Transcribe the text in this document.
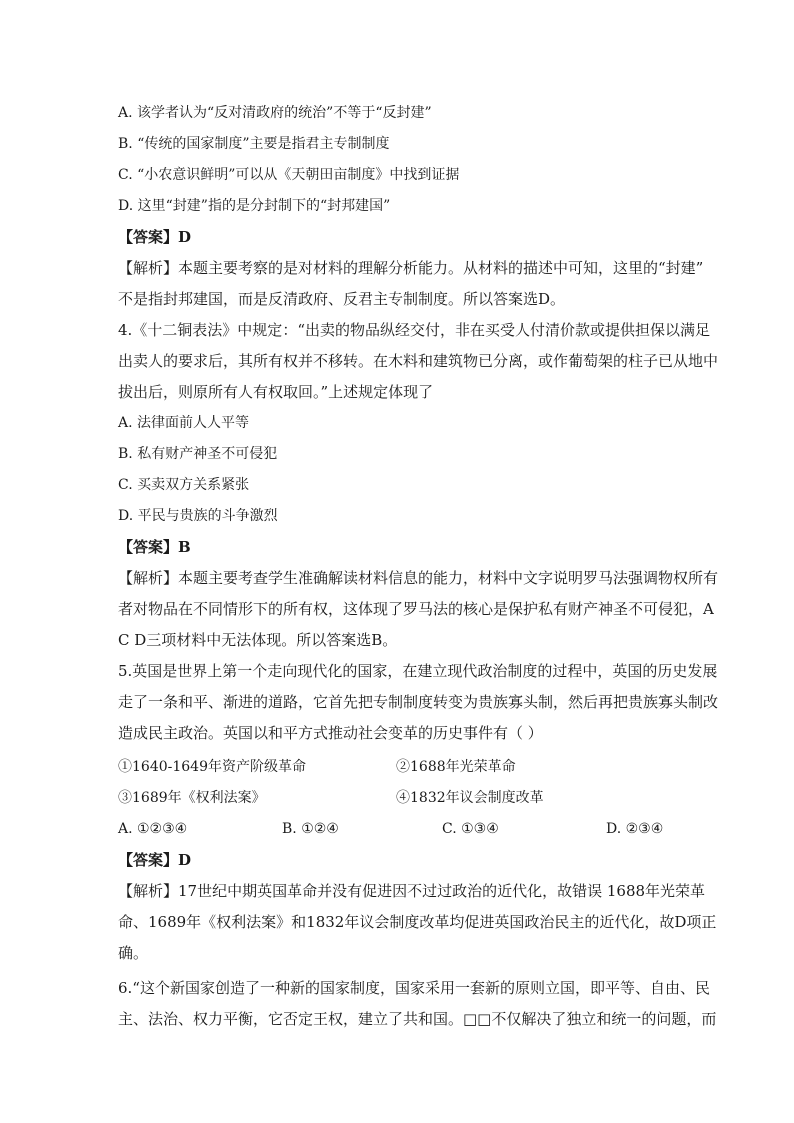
A. 该学者认为“反对清政府的统治”不等于“反封建”
B. “传统的国家制度”主要是指君主专制制度
C. “小农意识鲜明”可以从《天朝田亩制度》中找到证据
D. 这里“封建”指的是分封制下的“封邦建国”
【答案】D
【解析】本题主要考察的是对材料的理解分析能力。从材料的描述中可知，这里的“封建”
不是指封邦建国，而是反清政府、反君主专制制度。所以答案选D。
4.《十二铜表法》中规定：“出卖的物品纵经交付，非在买受人付清价款或提供担保以满足
出卖人的要求后，其所有权并不移转。在木料和建筑物已分离，或作葡萄架的柱子已从地中
拔出后，则原所有人有权取回。”上述规定体现了
A. 法律面前人人平等
B. 私有财产神圣不可侵犯
C. 买卖双方关系紧张
D. 平民与贵族的斗争激烈
【答案】B
【解析】本题主要考查学生准确解读材料信息的能力，材料中文字说明罗马法强调物权所有
者对物品在不同情形下的所有权，这体现了罗马法的核心是保护私有财产神圣不可侵犯，A
C D三项材料中无法体现。所以答案选B。
5.英国是世界上第一个走向现代化的国家，在建立现代政治制度的过程中，英国的历史发展
走了一条和平、渐进的道路，它首先把专制制度转变为贵族寡头制，然后再把贵族寡头制改
造成民主政治。英国以和平方式推动社会变革的历史事件有（ ）
①1640-1649年资产阶级革命	②1688年光荣革命
③1689年《权利法案》	④1832年议会制度改革
A. ①②③④	B. ①②④	C. ①③④	D. ②③④
【答案】D
【解析】17世纪中期英国革命并没有促进因不过过政治的近代化，故错误 1688年光荣革
命、1689年《权利法案》和1832年议会制度改革均促进英国政治民主的近代化，故D项正
确。
6.“这个新国家创造了一种新的国家制度，国家采用一套新的原则立国，即平等、自由、民
主、法治、权力平衡，它否定王权，建立了共和国。□□不仅解决了独立和统一的问题，而
